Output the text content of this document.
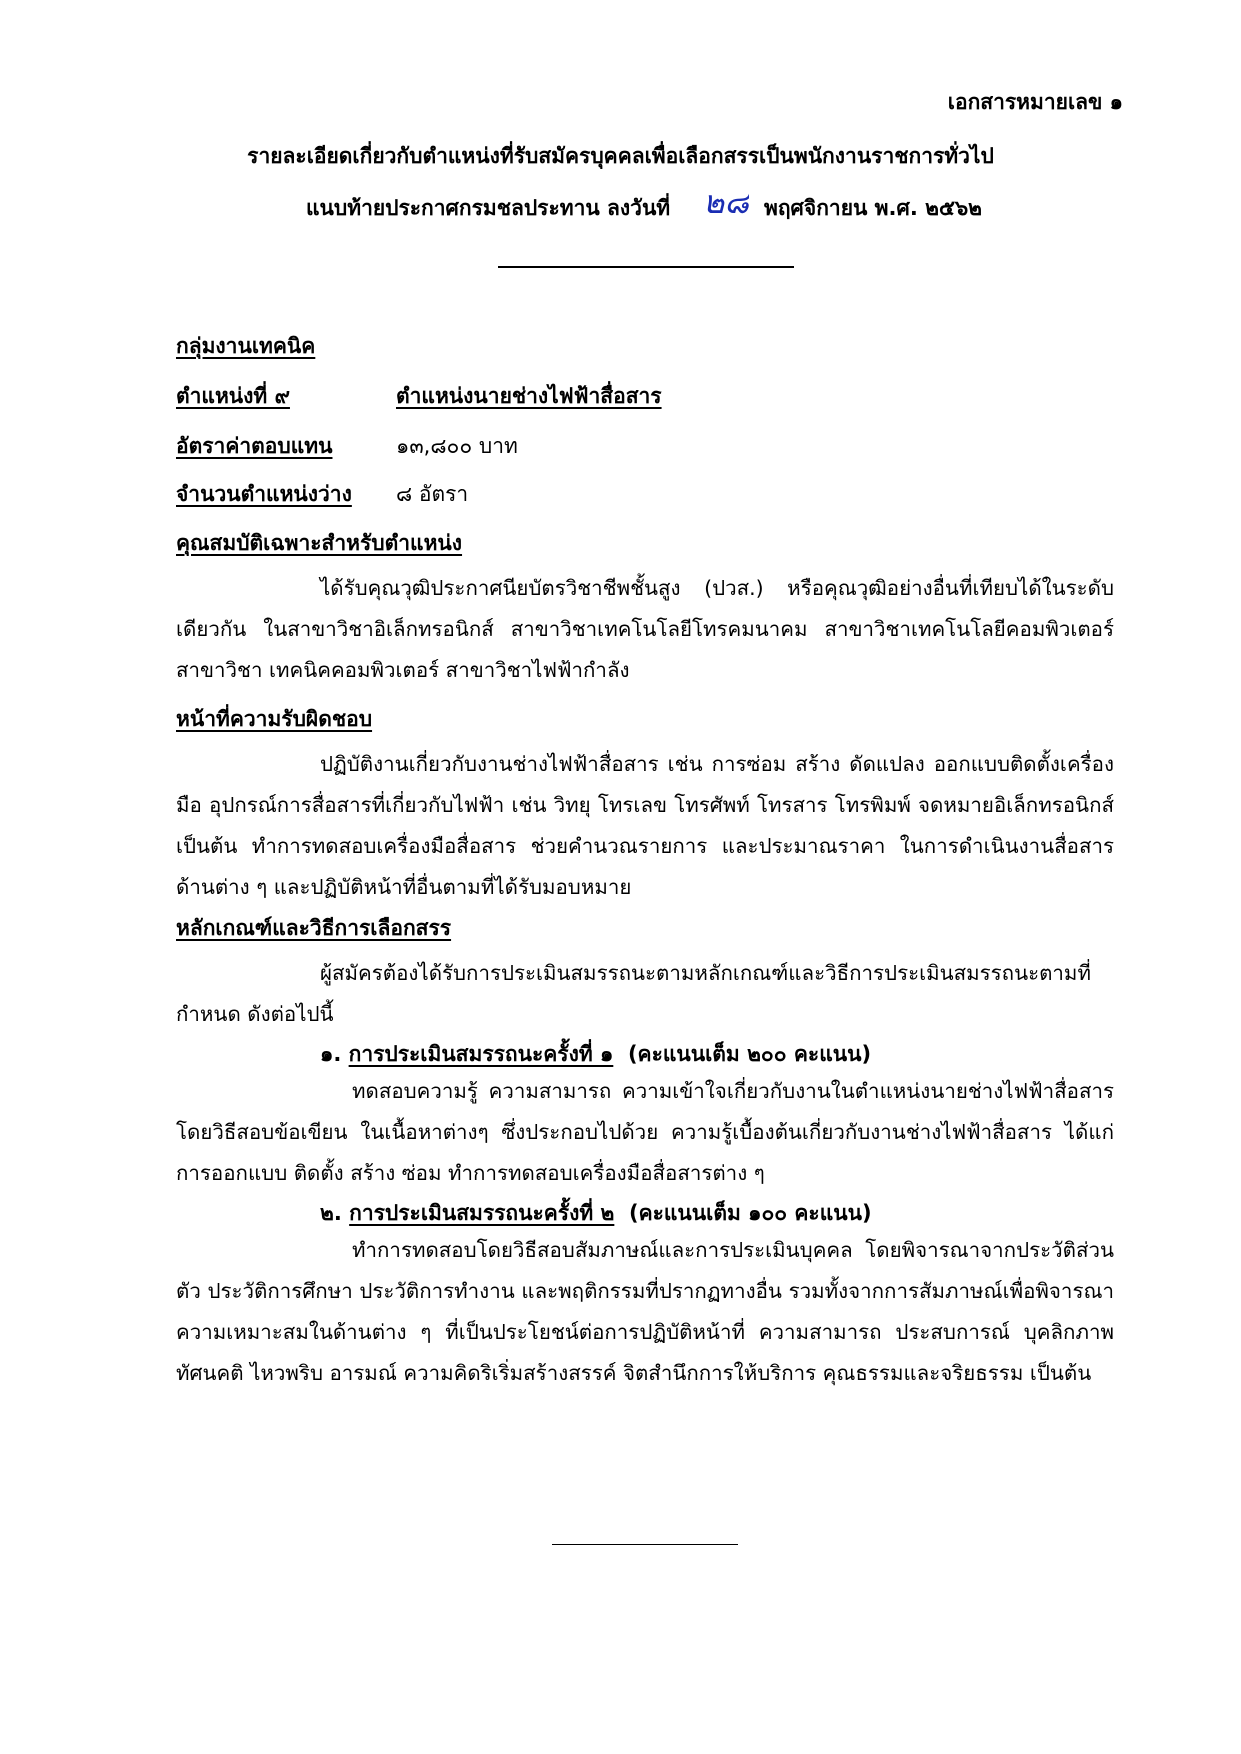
เอกสารหมายเลข ๑
รายละเอียดเกี่ยวกับตำแหน่งที่รับสมัครบุคคลเพื่อเลือกสรรเป็นพนักงานราชการทั่วไป
แนบท้ายประกาศกรมชลประทาน ลงวันที่ ๒๘ พฤศจิกายน พ.ศ. ๒๕๖๒
กลุ่มงานเทคนิค
ตำแหน่งที่ ๙	ตำแหน่งนายช่างไฟฟ้าสื่อสาร
อัตราค่าตอบแทน	๑๓,๘๐๐ บาท
จำนวนตำแหน่งว่าง ๘ อัตรา
คุณสมบัติเฉพาะสำหรับตำแหน่ง

ได้รับคุณวุฒิประกาศนียบัตรวิชาชีพชั้นสูง (ปวส.) หรือคุณวุฒิอย่างอื่นที่เทียบได้ในระดับเดียวกัน ในสาขาวิชาอิเล็กทรอนิกส์ สาขาวิชาเทคโนโลยีโทรคมนาคม สาขาวิชาเทคโนโลยีคอมพิวเตอร์สาขาวิชา เทคนิคคอมพิวเตอร์ สาขาวิชาไฟฟ้ากำลัง

หน้าที่ความรับผิดชอบ

ปฏิบัติงานเกี่ยวกับงานช่างไฟฟ้าสื่อสาร เช่น การซ่อม สร้าง ดัดแปลง ออกแบบติดตั้งเครื่องมือ อุปกรณ์การสื่อสารที่เกี่ยวกับไฟฟ้า เช่น วิทยุ โทรเลข โทรศัพท์ โทรสาร โทรพิมพ์ จดหมายอิเล็กทรอนิกส์ เป็นต้น ทำการทดสอบเครื่องมือสื่อสาร ช่วยคำนวณรายการ และประมาณราคา ในการดำเนินงานสื่อสารด้านต่าง ๆ และปฏิบัติหน้าที่อื่นตามที่ได้รับมอบหมาย

หลักเกณฑ์และวิธีการเลือกสรร

ผู้สมัครต้องได้รับการประเมินสมรรถนะตามหลักเกณฑ์และวิธีการประเมินสมรรถนะตามที่กำหนด ดังต่อไปนี้

๑. การประเมินสมรรถนะครั้งที่ ๑ (คะแนนเต็ม ๒๐๐ คะแนน)

ทดสอบความรู้ ความสามารถ ความเข้าใจเกี่ยวกับงานในตำแหน่งนายช่างไฟฟ้าสื่อสาร โดยวิธีสอบข้อเขียน ในเนื้อหาต่างๆ ซึ่งประกอบไปด้วย ความรู้เบื้องต้นเกี่ยวกับงานช่างไฟฟ้าสื่อสาร ได้แก่ การออกแบบ ติดตั้ง สร้าง ซ่อม ทำการทดสอบเครื่องมือสื่อสารต่าง ๆ

๒. การประเมินสมรรถนะครั้งที่ ๒ (คะแนนเต็ม ๑๐๐ คะแนน)

ทำการทดสอบโดยวิธีสอบสัมภาษณ์และการประเมินบุคคล โดยพิจารณาจากประวัติส่วนตัว ประวัติการศึกษา ประวัติการทำงาน และพฤติกรรมที่ปรากฏทางอื่น รวมทั้งจากการสัมภาษณ์เพื่อพิจารณา ความเหมาะสมในด้านต่าง ๆ ที่เป็นประโยชน์ต่อการปฏิบัติหน้าที่ ความสามารถ ประสบการณ์ บุคลิกภาพ ทัศนคติ ไหวพริบ อารมณ์ ความคิดริเริ่มสร้างสรรค์ จิตสำนึกการให้บริการ คุณธรรมและจริยธรรม เป็นต้น
